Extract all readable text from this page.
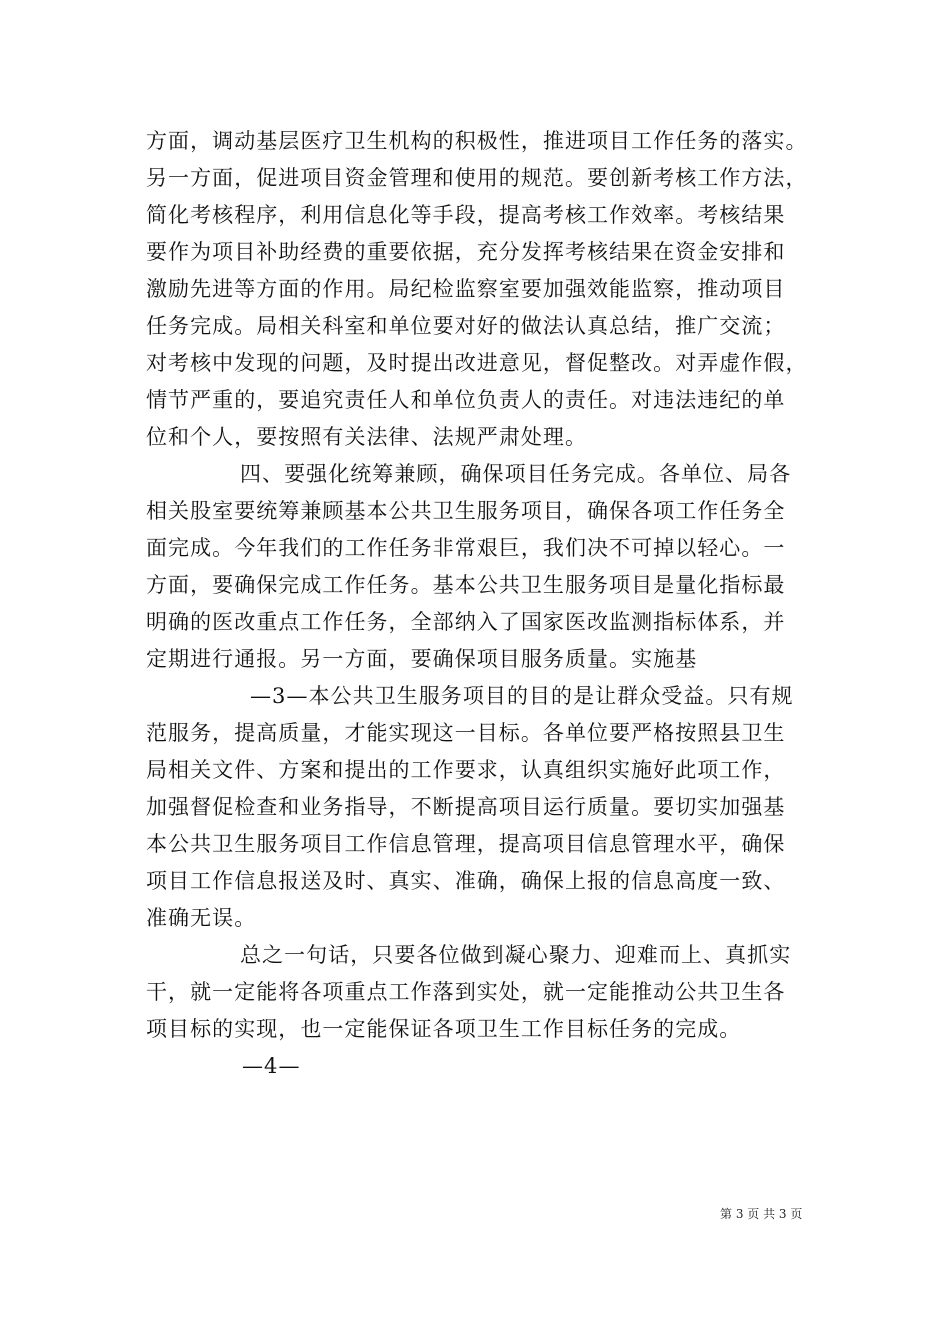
方面，调动基层医疗卫生机构的积极性，推进项目工作任务的落实。
另一方面，促进项目资金管理和使用的规范。要创新考核工作方法，
简化考核程序，利用信息化等手段，提高考核工作效率。考核结果
要作为项目补助经费的重要依据，充分发挥考核结果在资金安排和
激励先进等方面的作用。局纪检监察室要加强效能监察，推动项目
任务完成。局相关科室和单位要对好的做法认真总结，推广交流；
对考核中发现的问题，及时提出改进意见，督促整改。对弄虚作假，
情节严重的，要追究责任人和单位负责人的责任。对违法违纪的单
位和个人，要按照有关法律、法规严肃处理。
四、要强化统筹兼顾，确保项目任务完成。各单位、局各
相关股室要统筹兼顾基本公共卫生服务项目，确保各项工作任务全
面完成。今年我们的工作任务非常艰巨，我们决不可掉以轻心。一
方面，要确保完成工作任务。基本公共卫生服务项目是量化指标最
明确的医改重点工作任务，全部纳入了国家医改监测指标体系，并
定期进行通报。另一方面，要确保项目服务质量。实施基
—3—本公共卫生服务项目的目的是让群众受益。只有规
范服务，提高质量，才能实现这一目标。各单位要严格按照县卫生
局相关文件、方案和提出的工作要求，认真组织实施好此项工作，
加强督促检查和业务指导，不断提高项目运行质量。要切实加强基
本公共卫生服务项目工作信息管理，提高项目信息管理水平，确保
项目工作信息报送及时、真实、准确，确保上报的信息高度一致、
准确无误。
总之一句话，只要各位做到凝心聚力、迎难而上、真抓实
干，就一定能将各项重点工作落到实处，就一定能推动公共卫生各
项目标的实现，也一定能保证各项卫生工作目标任务的完成。
—4—
第 3 页 共 3 页
